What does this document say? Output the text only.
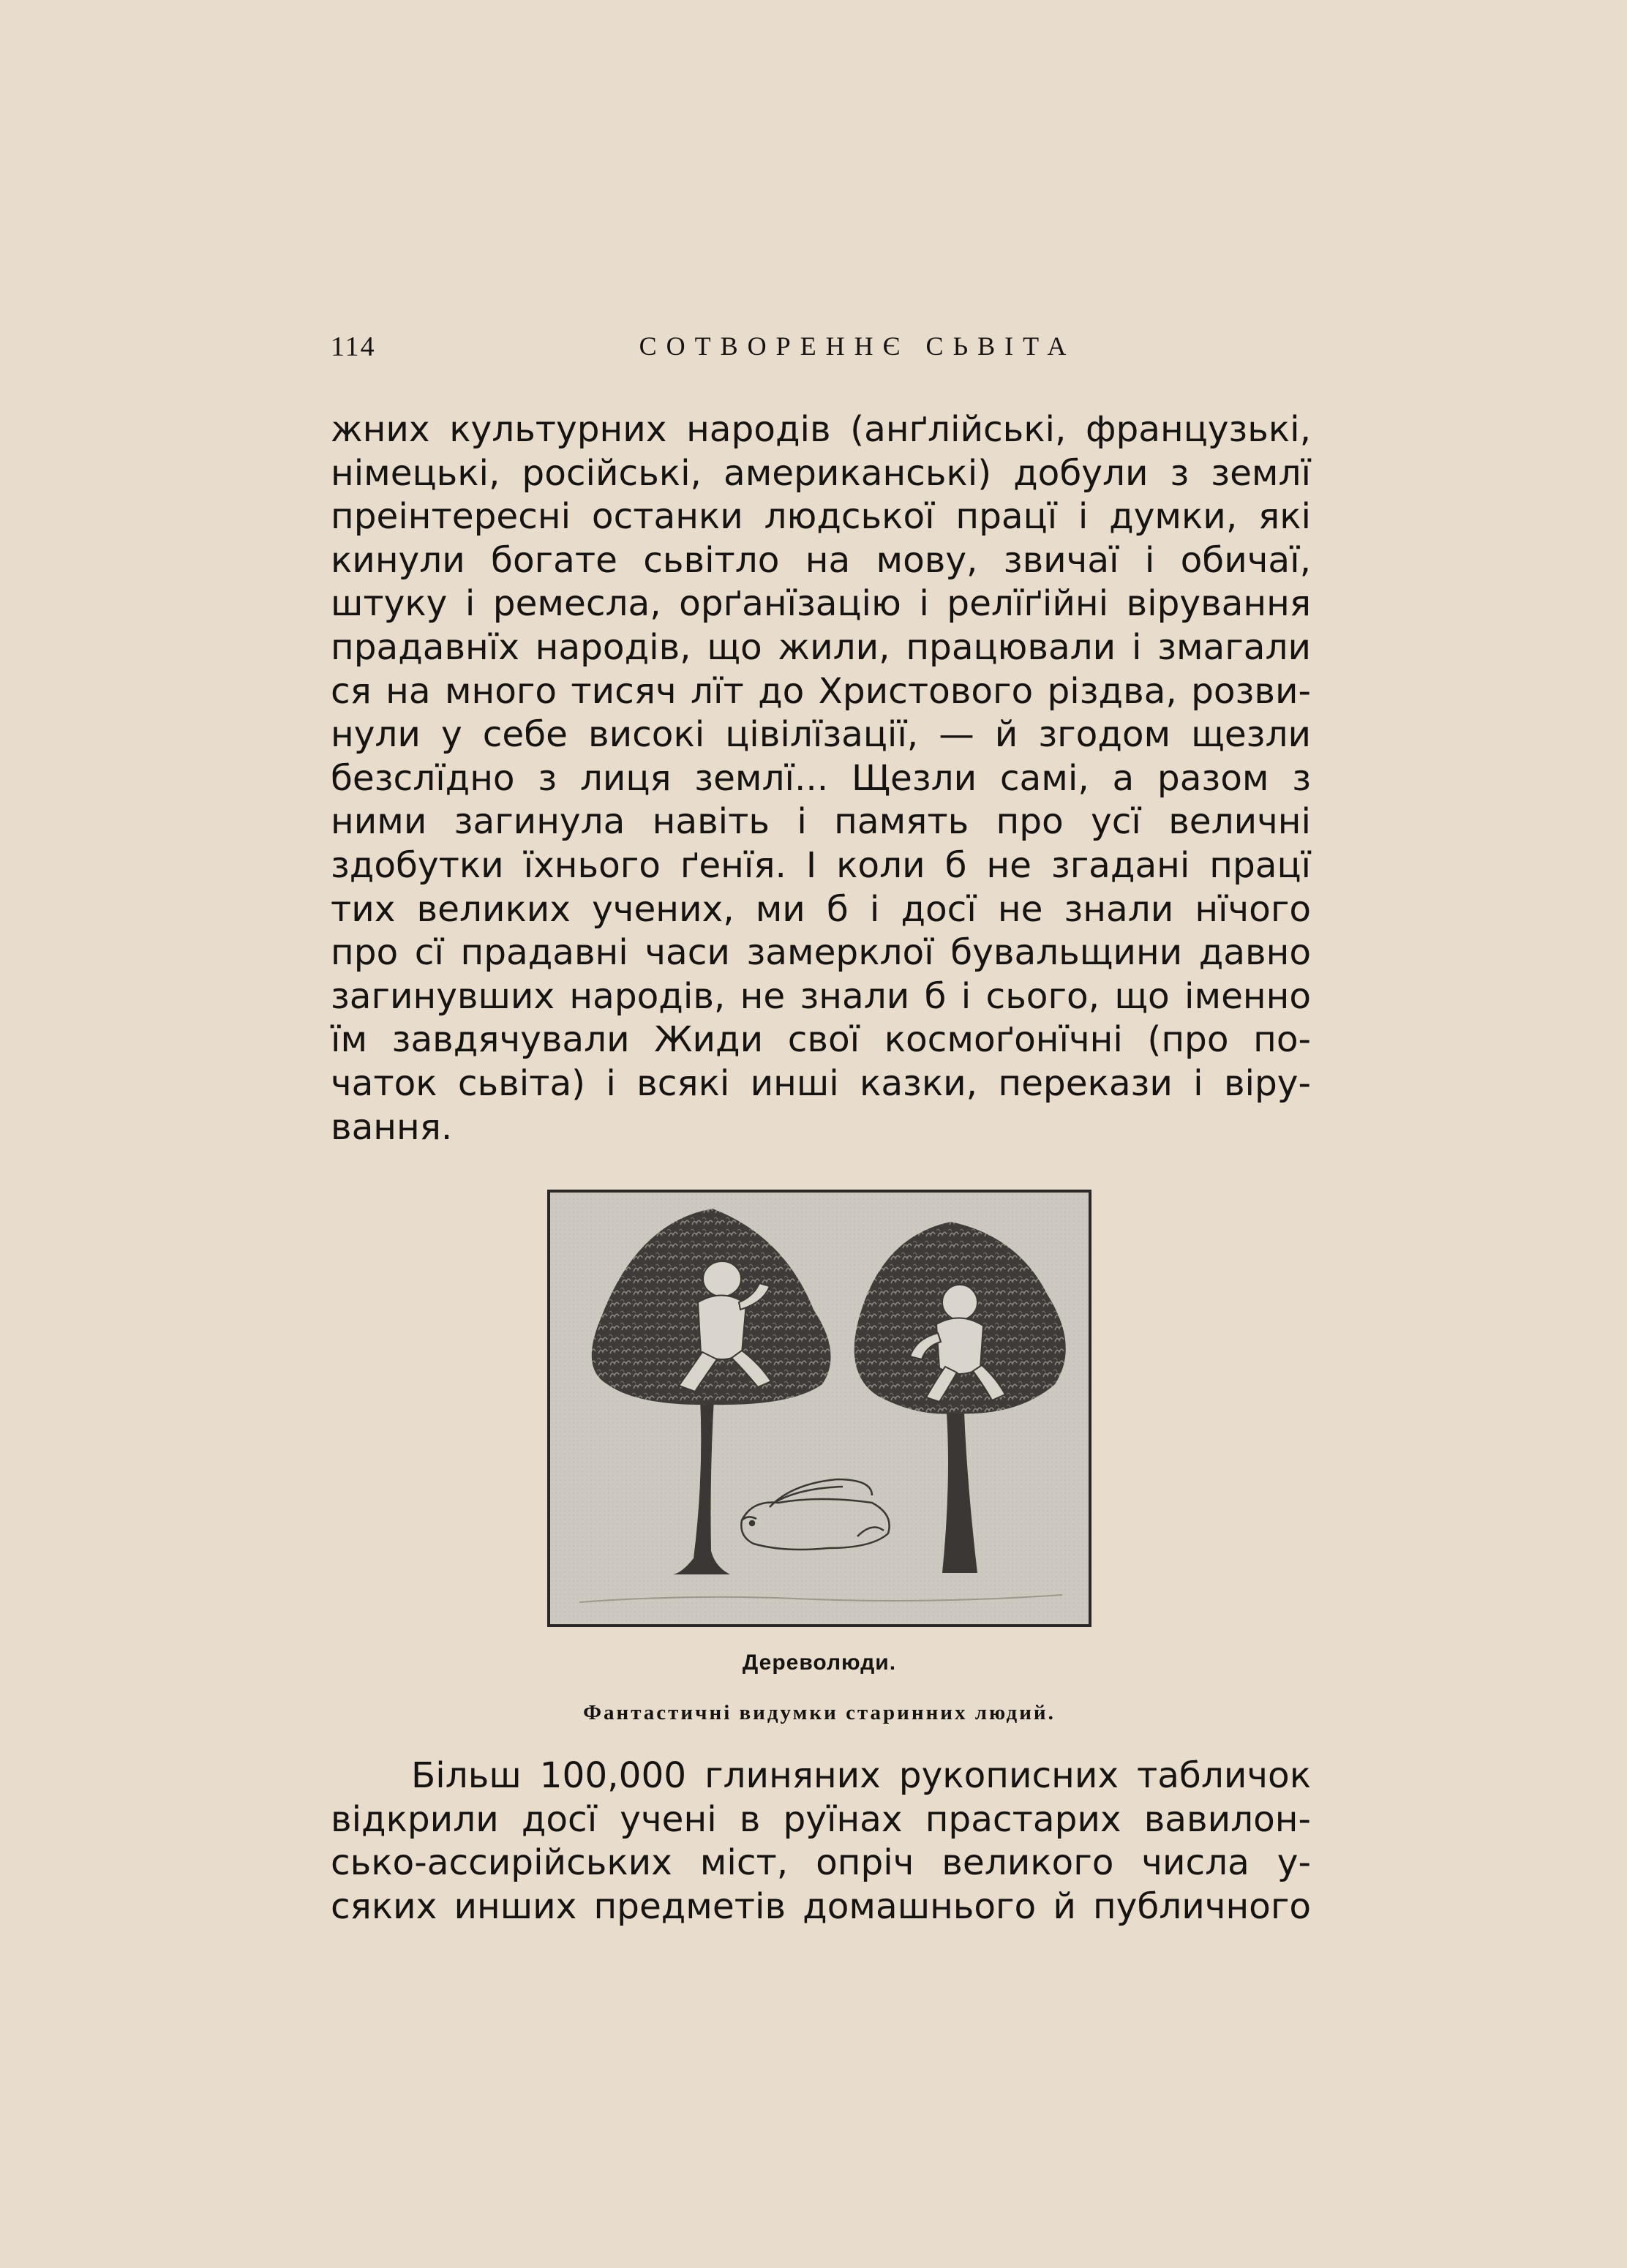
114	СОТВОРЕННЄ СЬВІТА

жних культурних народів (анґлійські, французькі,
німецькі, російські, американські) добули з землї
преінтересні останки людської працї і думки, які
кинули богате сьвітло на мову, звичаї і обичаї,
штуку і ремесла, орґанїзацію і релїґійні вірування
прадавнїх народів, що жили, працювали і змагали
ся на много тисяч лїт до Христового різдва, розви-
нули у себе високі цівілїзації, — й згодом щезли
безслїдно з лиця землї... Щезли самі, а разом з
ними загинула навіть і память про усї величні
здобутки їхнього ґенїя. І коли б не згадані працї
тих великих учених, ми б і досї не знали нїчого
про сї прадавні часи замерклої бувальщини давно
загинувших народів, не знали б і сього, що іменно
їм завдячували Жиди свої космоґонїчні (про по-
чаток сьвіта) і всякі инші казки, перекази і віру-
вання.

Дереволюди.
Фантастичні видумки старинних людий.

Більш 100,000 глиняних рукописних табличок
відкрили досї учені в руїнах прастарих вавилон-
сько-ассирійських міст, опріч великого числа у-
сяких инших предметів домашнього й публичного
